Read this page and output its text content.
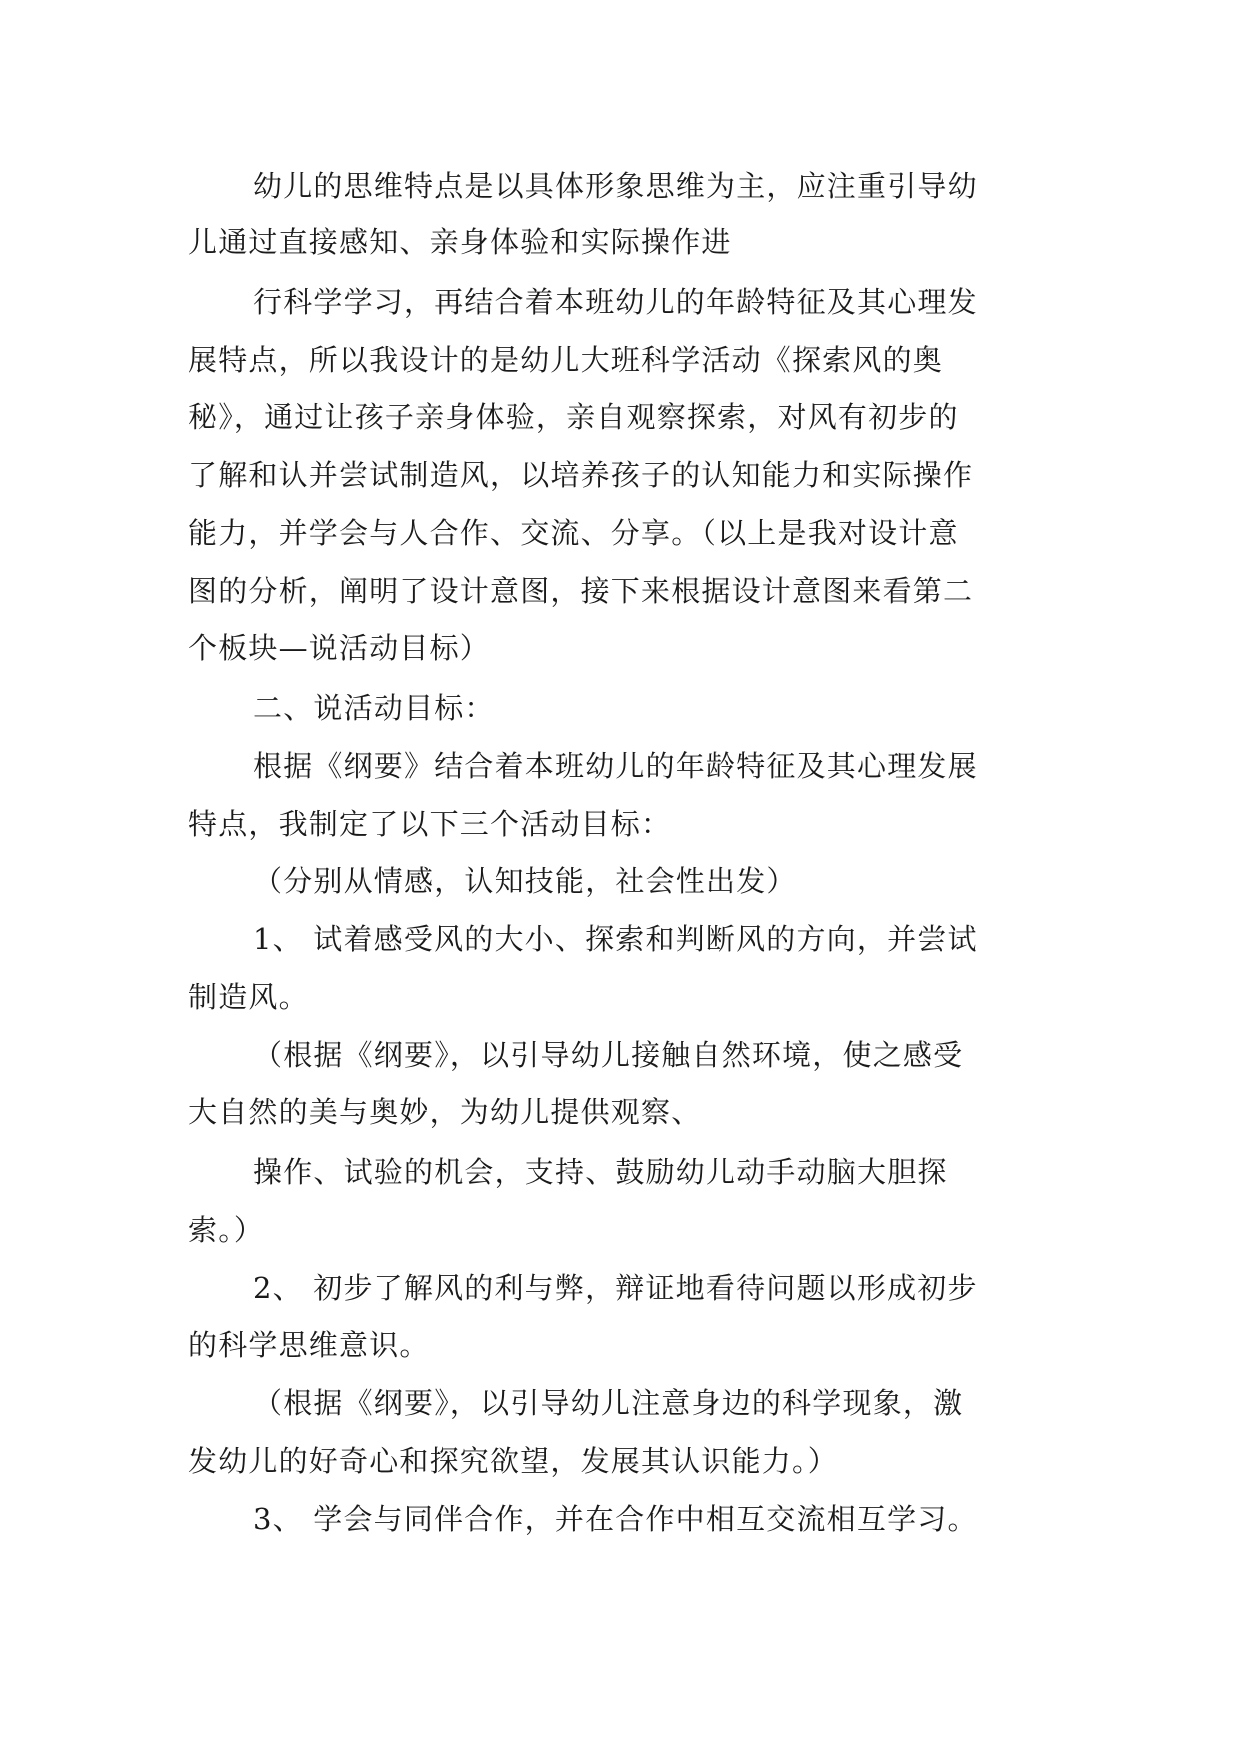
幼儿的思维特点是以具体形象思维为主，应注重引导幼
儿通过直接感知、亲身体验和实际操作进
行科学学习，再结合着本班幼儿的年龄特征及其心理发
展特点，所以我设计的是幼儿大班科学活动《探索风的奥
秘》，通过让孩子亲身体验，亲自观察探索，对风有初步的
了解和认并尝试制造风，以培养孩子的认知能力和实际操作
能力，并学会与人合作、交流、分享。（以上是我对设计意
图的分析，阐明了设计意图，接下来根据设计意图来看第二
个板块—说活动目标）
二、说活动目标：
根据《纲要》结合着本班幼儿的年龄特征及其心理发展
特点，我制定了以下三个活动目标：
（分别从情感，认知技能，社会性出发）
1、 试着感受风的大小、探索和判断风的方向，并尝试
制造风。
（根据《纲要》，以引导幼儿接触自然环境，使之感受
大自然的美与奥妙，为幼儿提供观察、
操作、试验的机会，支持、鼓励幼儿动手动脑大胆探
索。）
2、 初步了解风的利与弊，辩证地看待问题以形成初步
的科学思维意识。
（根据《纲要》，以引导幼儿注意身边的科学现象，激
发幼儿的好奇心和探究欲望，发展其认识能力。）
3、 学会与同伴合作，并在合作中相互交流相互学习。
